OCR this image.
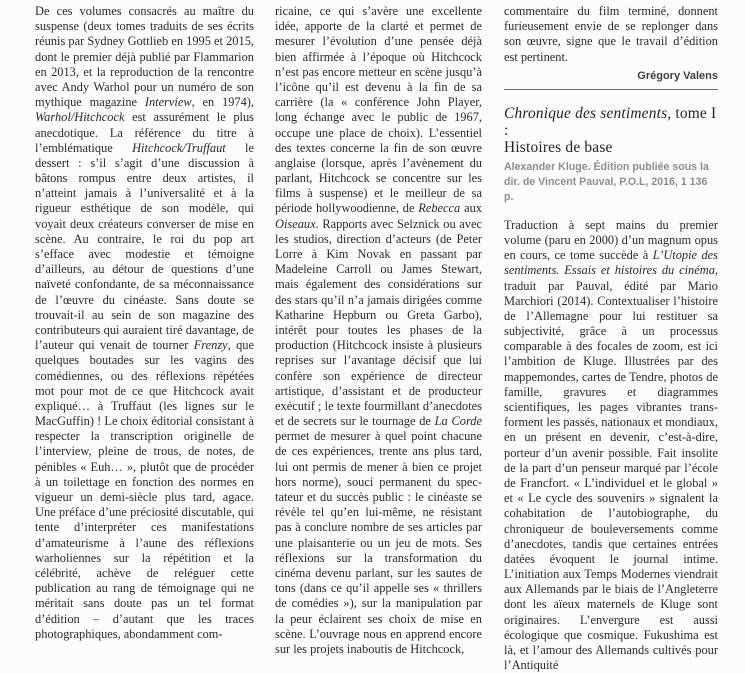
De ces volumes consacrés au maître du suspense (deux tomes traduits de ses écrits réunis par Sydney Gottlieb en 1995 et 2015, dont le premier déjà publié par Flammarion en 2013, et la reproduction de la rencontre avec Andy Warhol pour un numéro de son mythique magazine Interview, en 1974), Warhol/Hitchcock est assurément le plus anecdotique. La référence du titre à l’emblématique Hitchcock/Truffaut le dessert : s’il s’agit d’une discussion à bâtons rompus entre deux artistes, il n’atteint jamais à l’universalité et à la rigueur esthétique de son modèle, qui voyait deux créateurs converser de mise en scène. Au contraire, le roi du pop art s’efface avec modestie et témoigne d’ailleurs, au détour de questions d’une naïveté confondante, de sa méconnaissance de l’œuvre du cinéaste. Sans doute se trouvait-il au sein de son magazine des contributeurs qui auraient tiré davantage, de l’auteur qui venait de tourner Frenzy, que quelques boutades sur les vagins des comédiennes, ou des réflexions répétées mot pour mot de ce que Hitchcock avait expliqué… à Truffaut (les lignes sur le MacGuffin) ! Le choix éditorial consistant à respecter la transcription originelle de l’interview, pleine de trous, de notes, de pénibles « Euh… », plutôt que de procéder à un toilettage en fonction des normes en vigueur un demi-siècle plus tard, agace. Une préface d’une préciosité discutable, qui tente d’interpréter ces manifestations d’amateurisme à l’aune des réflexions warholiennes sur la répétition et la célébrité, achève de reléguer cette publication au rang de témoignage qui ne méritait sans doute pas un tel format d’édition – d’autant que les traces photographiques, abondamment com-

ricaine, ce qui s’avère une excellente idée, apporte de la clarté et permet de mesurer l’évolution d’une pensée déjà bien affirmée à l’époque où Hitchcock n’est pas encore metteur en scène jusqu’à l’icône qu’il est devenu à la fin de sa carrière (la « conférence John Player, long échange avec le public de 1967, occupe une place de choix). L’essentiel des textes concerne la fin de son œuvre anglaise (lorsque, après l’avènement du parlant, Hitchcock se concentre sur les films à suspense) et le meilleur de sa période hollywoodienne, de Rebecca aux Oiseaux. Rapports avec Selznick ou avec les studios, direction d’acteurs (de Peter Lorre à Kim Novak en passant par Madeleine Carroll ou James Stewart, mais également des considérations sur des stars qu’il n’a jamais dirigées comme Katharine Hepburn ou Greta Garbo), intérêt pour toutes les phases de la production (Hitchcock insiste à plusieurs reprises sur l’avantage décisif que lui confère son expérience de directeur artistique, d’assistant et de producteur exécutif ; le texte fourmillant d’anecdotes et de secrets sur le tournage de La Corde permet de mesurer à quel point chacune de ces expériences, trente ans plus tard, lui ont permis de mener à bien ce projet hors norme), souci permanent du spectateur et du succès public : le cinéaste se révèle tel qu’en lui-même, ne résistant pas à conclure nombre de ses articles par une plaisanterie ou un jeu de mots. Ses réflexions sur la transformation du cinéma devenu parlant, sur les sautes de tons (dans ce qu’il appelle ses « thrillers de comédies »), sur la manipulation par la peur éclairent ses choix de mise en scène. L’ouvrage nous en apprend encore sur les projets inaboutis de Hitchcock,

commentaire du film terminé, donnent furieusement envie de se replonger dans son œuvre, signe que le travail d’édition est pertinent.

Grégory Valens
Chronique des sentiments, tome I :
Histoires de base
Alexander Kluge. Édition publiée sous la dir. de Vincent Pauval, P.O.L, 2016, 1 136 p.

Traduction à sept mains du premier volume (paru en 2000) d’un magnum opus en cours, ce tome succède à L’Utopie des sentiments. Essais et histoires du cinéma, traduit par Pauval, édité par Mario Marchiori (2014). Contextualiser l’histoire de l’Allemagne pour lui restituer sa subjectivité, grâce à un processus comparable à des focales de zoom, est ici l’ambition de Kluge. Illustrées par des mappemondes, cartes de Tendre, photos de famille, gravures et diagrammes scientifiques, les pages vibrantes transforment les passés, nationaux et mondiaux, en un présent en devenir, c’est-à-dire, porteur d’un avenir possible. Fait insolite de la part d’un penseur marqué par l’école de Francfort. « L’individuel et le global » et « Le cycle des souvenirs » signalent la cohabitation de l’autobiographe, du chroniqueur de bouleversements comme d’anecdotes, tandis que certaines entrées datées évoquent le journal intime. L’initiation aux Temps Modernes viendrait aux Allemands par le biais de l’Angleterre dont les aïeux maternels de Kluge sont originaires. L’envergure est aussi écologique que cosmique. Fukushima est là, et l’amour des Allemands cultivés pour l’Antiquité
